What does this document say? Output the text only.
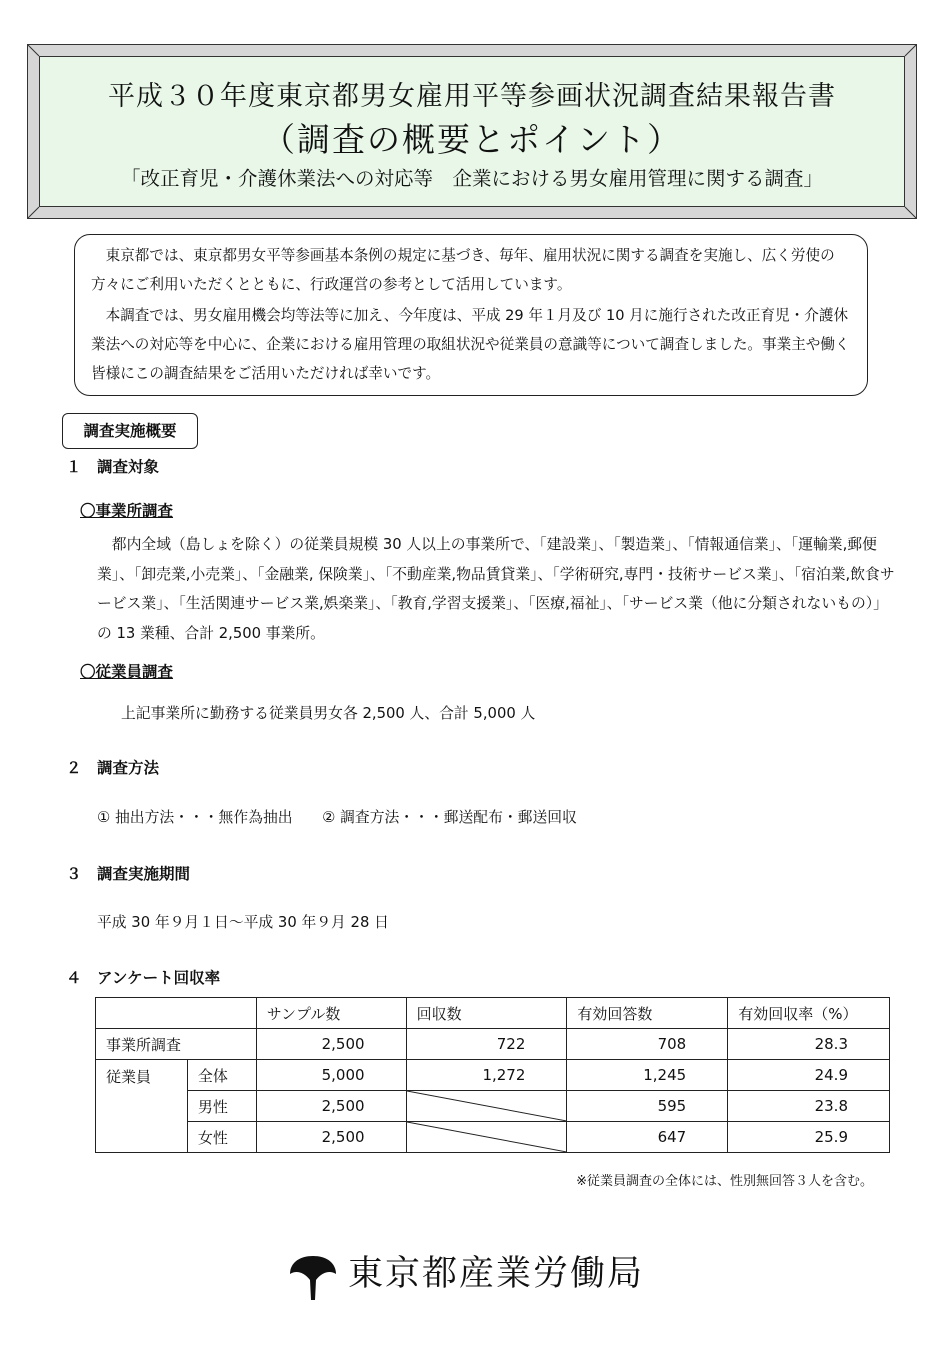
平成３０年度東京都男女雇用平等参画状況調査結果報告書
（調査の概要とポイント）
「改正育児・介護休業法への対応等　企業における男女雇用管理に関する調査」

　東京都では、東京都男女平等参画基本条例の規定に基づき、毎年、雇用状況に関する調査を実施し、広く労使の方々にご利用いただくとともに、行政運営の参考として活用しています。

　本調査では、男女雇用機会均等法等に加え、今年度は、平成 29 年１月及び 10 月に施行された改正育児・介護休業法への対応等を中心に、企業における雇用管理の取組状況や従業員の意識等について調査しました。事業主や働く皆様にこの調査結果をご活用いただければ幸いです。

調査実施概要
１　調査対象
〇事業所調査
　都内全域（島しょを除く）の従業員規模 30 人以上の事業所で、「建設業」、「製造業」、「情報通信業」、「運輸業,郵便業」、「卸売業,小売業」、「金融業, 保険業」、「不動産業,物品賃貸業」、「学術研究,専門・技術サービス業」、「宿泊業,飲食サービス業」、「生活関連サービス業,娯楽業」、「教育,学習支援業」、「医療,福祉」、「サービス業（他に分類されないもの）」の 13 業種、合計 2,500 事業所。
〇従業員調査
上記事業所に勤務する従業員男女各 2,500 人、合計 5,000 人
２　調査方法
① 抽出方法・・・無作為抽出　　② 調査方法・・・郵送配布・郵送回収
３　調査実施期間
平成 30 年９月１日～平成 30 年９月 28 日
４　アンケート回収率
		サンプル数	回収数	有効回答数	有効回収率（%）
事業所調査		2,500	722	708	28.3
従業員	全体	5,000	1,272	1,245	24.9
	男性	2,500		595	23.8
	女性	2,500		647	25.9
※従業員調査の全体には、性別無回答３人を含む。
東京都産業労働局
